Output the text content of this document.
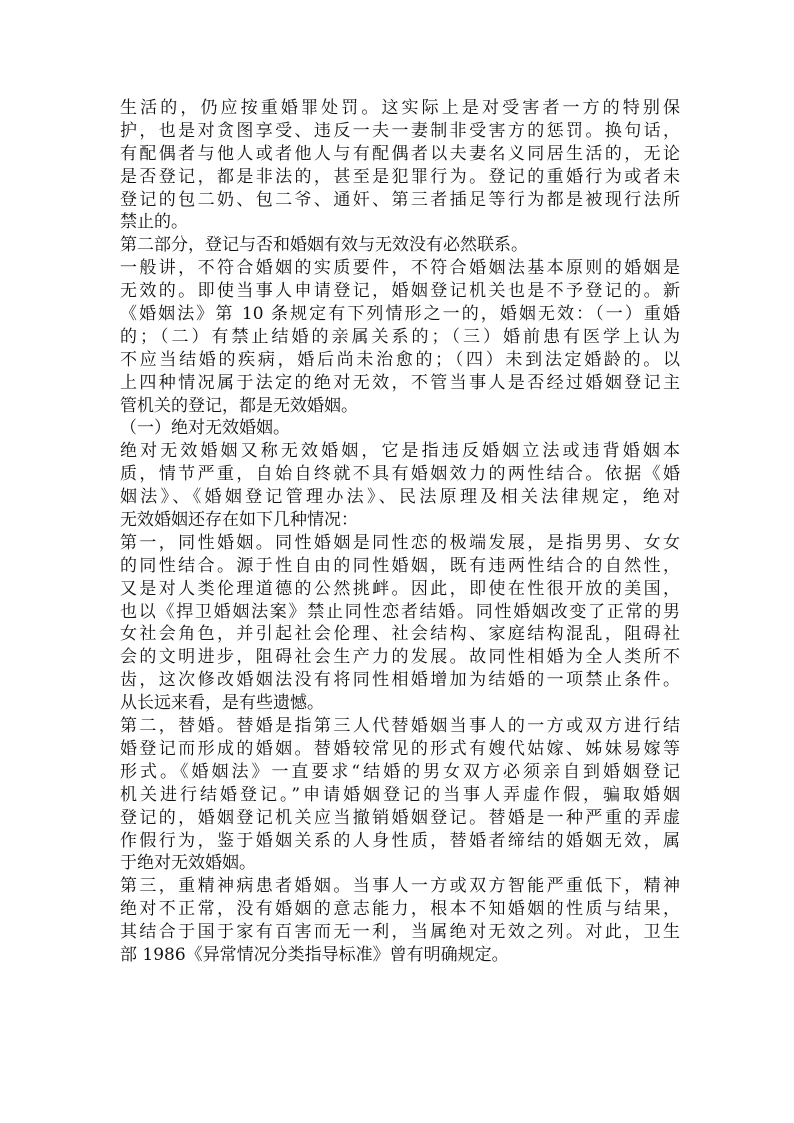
生活的，仍应按重婚罪处罚。这实际上是对受害者一方的特别保
护，也是对贪图享受、违反一夫一妻制非受害方的惩罚。换句话，
有配偶者与他人或者他人与有配偶者以夫妻名义同居生活的，无论
是否登记，都是非法的，甚至是犯罪行为。登记的重婚行为或者未
登记的包二奶、包二爷、通奸、第三者插足等行为都是被现行法所
禁止的。
第二部分，登记与否和婚姻有效与无效没有必然联系。
一般讲，不符合婚姻的实质要件，不符合婚姻法基本原则的婚姻是
无效的。即使当事人申请登记，婚姻登记机关也是不予登记的。新
《婚姻法》第 10 条规定有下列情形之一的，婚姻无效：（一）重婚
的；（二）有禁止结婚的亲属关系的；（三）婚前患有医学上认为
不应当结婚的疾病，婚后尚未治愈的；（四）未到法定婚龄的。以
上四种情况属于法定的绝对无效，不管当事人是否经过婚姻登记主
管机关的登记，都是无效婚姻。
（一）绝对无效婚姻。
绝对无效婚姻又称无效婚姻，它是指违反婚姻立法或违背婚姻本
质，情节严重，自始自终就不具有婚姻效力的两性结合。依据《婚
姻法》、《婚姻登记管理办法》、民法原理及相关法律规定，绝对
无效婚姻还存在如下几种情况：
第一，同性婚姻。同性婚姻是同性恋的极端发展，是指男男、女女
的同性结合。源于性自由的同性婚姻，既有违两性结合的自然性，
又是对人类伦理道德的公然挑衅。因此，即使在性很开放的美国，
也以《捍卫婚姻法案》禁止同性恋者结婚。同性婚姻改变了正常的男
女社会角色，并引起社会伦理、社会结构、家庭结构混乱，阻碍社
会的文明进步，阻碍社会生产力的发展。故同性相婚为全人类所不
齿，这次修改婚姻法没有将同性相婚增加为结婚的一项禁止条件。
从长远来看，是有些遗憾。
第二，替婚。替婚是指第三人代替婚姻当事人的一方或双方进行结
婚登记而形成的婚姻。替婚较常见的形式有嫂代姑嫁、姊妹易嫁等
形式。《婚姻法》一直要求“结婚的男女双方必须亲自到婚姻登记
机关进行结婚登记。”申请婚姻登记的当事人弄虚作假，骗取婚姻
登记的，婚姻登记机关应当撤销婚姻登记。替婚是一种严重的弄虚
作假行为，鉴于婚姻关系的人身性质，替婚者缔结的婚姻无效，属
于绝对无效婚姻。
第三，重精神病患者婚姻。当事人一方或双方智能严重低下，精神
绝对不正常，没有婚姻的意志能力，根本不知婚姻的性质与结果，
其结合于国于家有百害而无一利，当属绝对无效之列。对此，卫生
部 1986《异常情况分类指导标准》曾有明确规定。
